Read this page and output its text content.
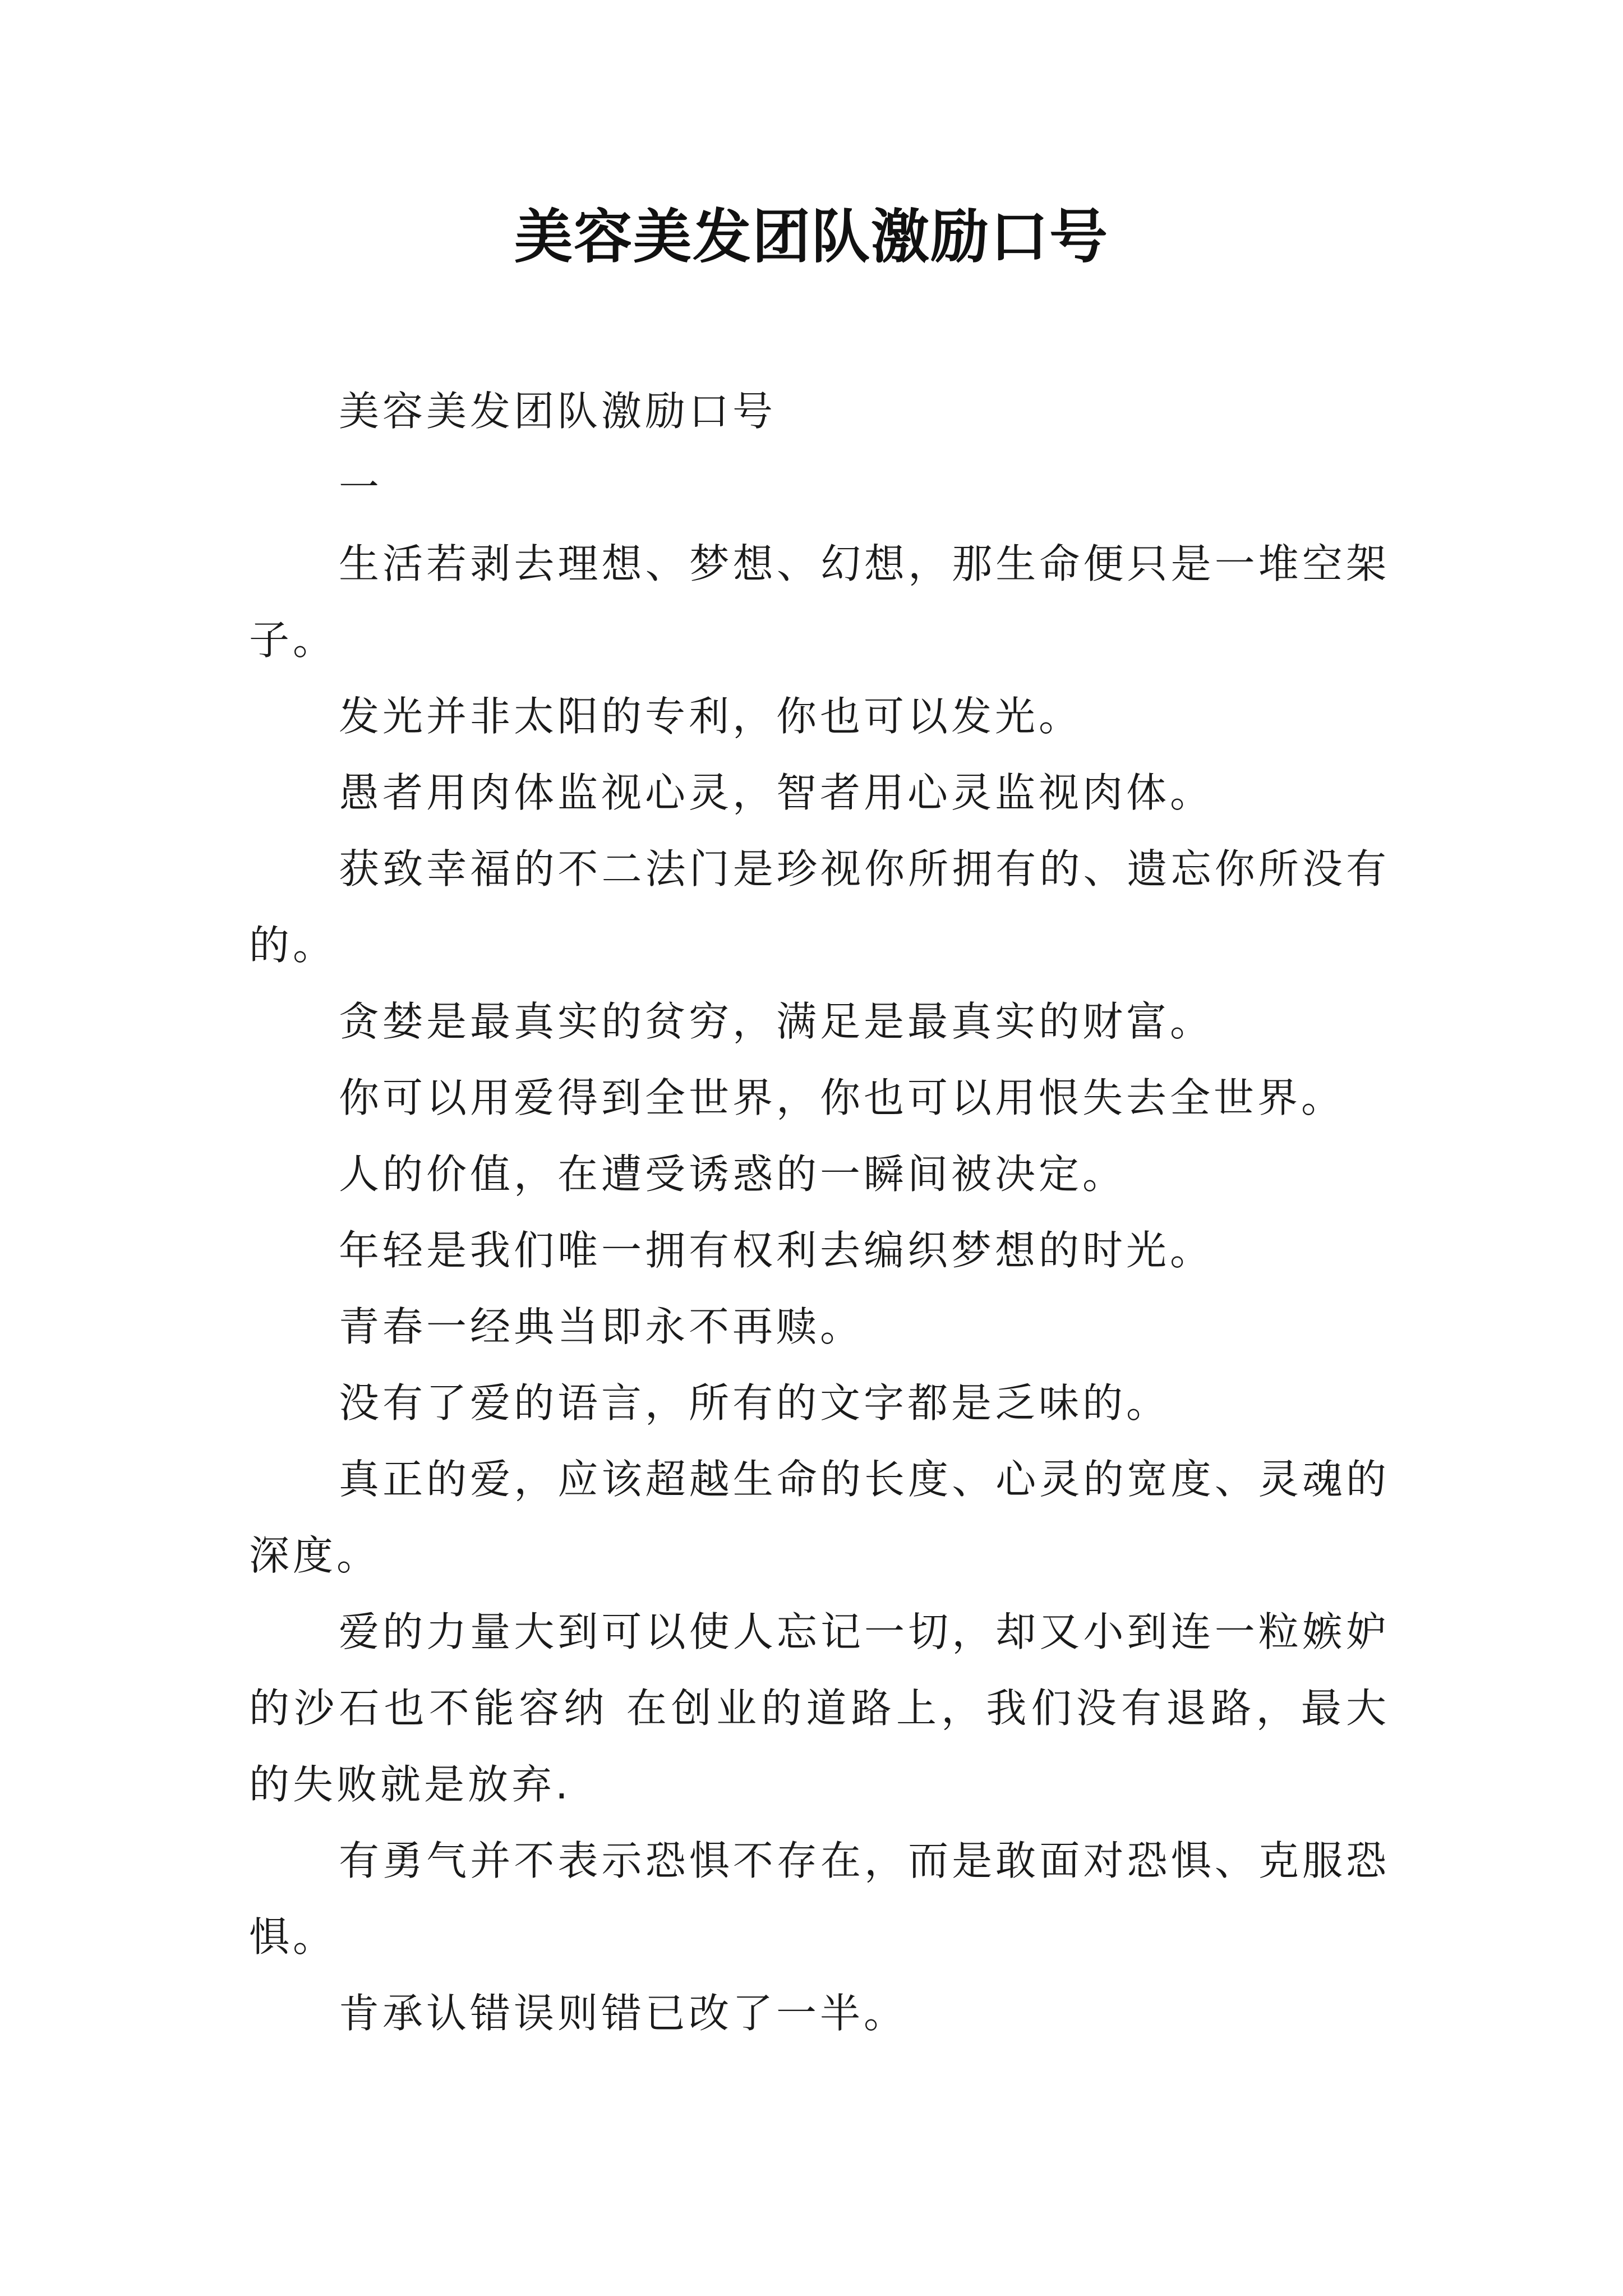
美容美发团队激励口号

美容美发团队激励口号

一

生活若剥去理想、梦想、幻想，那生命便只是一堆空架子。

发光并非太阳的专利，你也可以发光。

愚者用肉体监视心灵，智者用心灵监视肉体。

获致幸福的不二法门是珍视你所拥有的、遗忘你所没有的。

贪婪是最真实的贫穷，满足是最真实的财富。

你可以用爱得到全世界，你也可以用恨失去全世界。

人的价值，在遭受诱惑的一瞬间被决定。

年轻是我们唯一拥有权利去编织梦想的时光。

青春一经典当即永不再赎。

没有了爱的语言，所有的文字都是乏味的。

真正的爱，应该超越生命的长度、心灵的宽度、灵魂的深度。

爱的力量大到可以使人忘记一切，却又小到连一粒嫉妒的沙石也不能容纳 在创业的道路上，我们没有退路，最大的失败就是放弃.

有勇气并不表示恐惧不存在，而是敢面对恐惧、克服恐惧。

肯承认错误则错已改了一半。
